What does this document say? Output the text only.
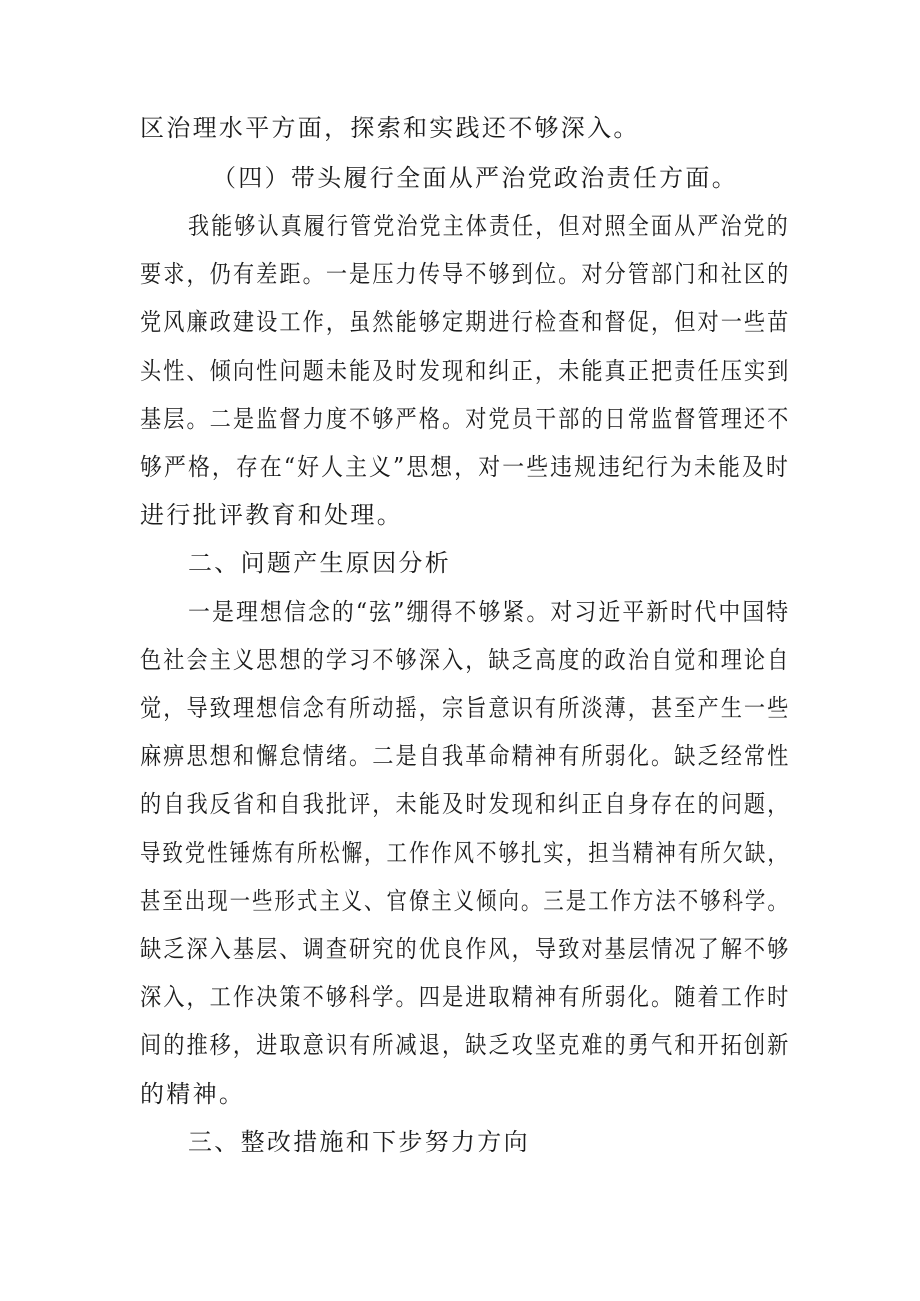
区治理水平方面，探索和实践还不够深入。
（四）带头履行全面从严治党政治责任方面。
我能够认真履行管党治党主体责任，但对照全面从严治党的
要求，仍有差距。一是压力传导不够到位。对分管部门和社区的
党风廉政建设工作，虽然能够定期进行检查和督促，但对一些苗
头性、倾向性问题未能及时发现和纠正，未能真正把责任压实到
基层。二是监督力度不够严格。对党员干部的日常监督管理还不
够严格，存在“好人主义”思想，对一些违规违纪行为未能及时
进行批评教育和处理。
二、问题产生原因分析
一是理想信念的“弦”绷得不够紧。对习近平新时代中国特
色社会主义思想的学习不够深入，缺乏高度的政治自觉和理论自
觉，导致理想信念有所动摇，宗旨意识有所淡薄，甚至产生一些
麻痹思想和懈怠情绪。二是自我革命精神有所弱化。缺乏经常性
的自我反省和自我批评，未能及时发现和纠正自身存在的问题，
导致党性锤炼有所松懈，工作作风不够扎实，担当精神有所欠缺，
甚至出现一些形式主义、官僚主义倾向。三是工作方法不够科学。
缺乏深入基层、调查研究的优良作风，导致对基层情况了解不够
深入，工作决策不够科学。四是进取精神有所弱化。随着工作时
间的推移，进取意识有所减退，缺乏攻坚克难的勇气和开拓创新
的精神。
三、整改措施和下步努力方向
